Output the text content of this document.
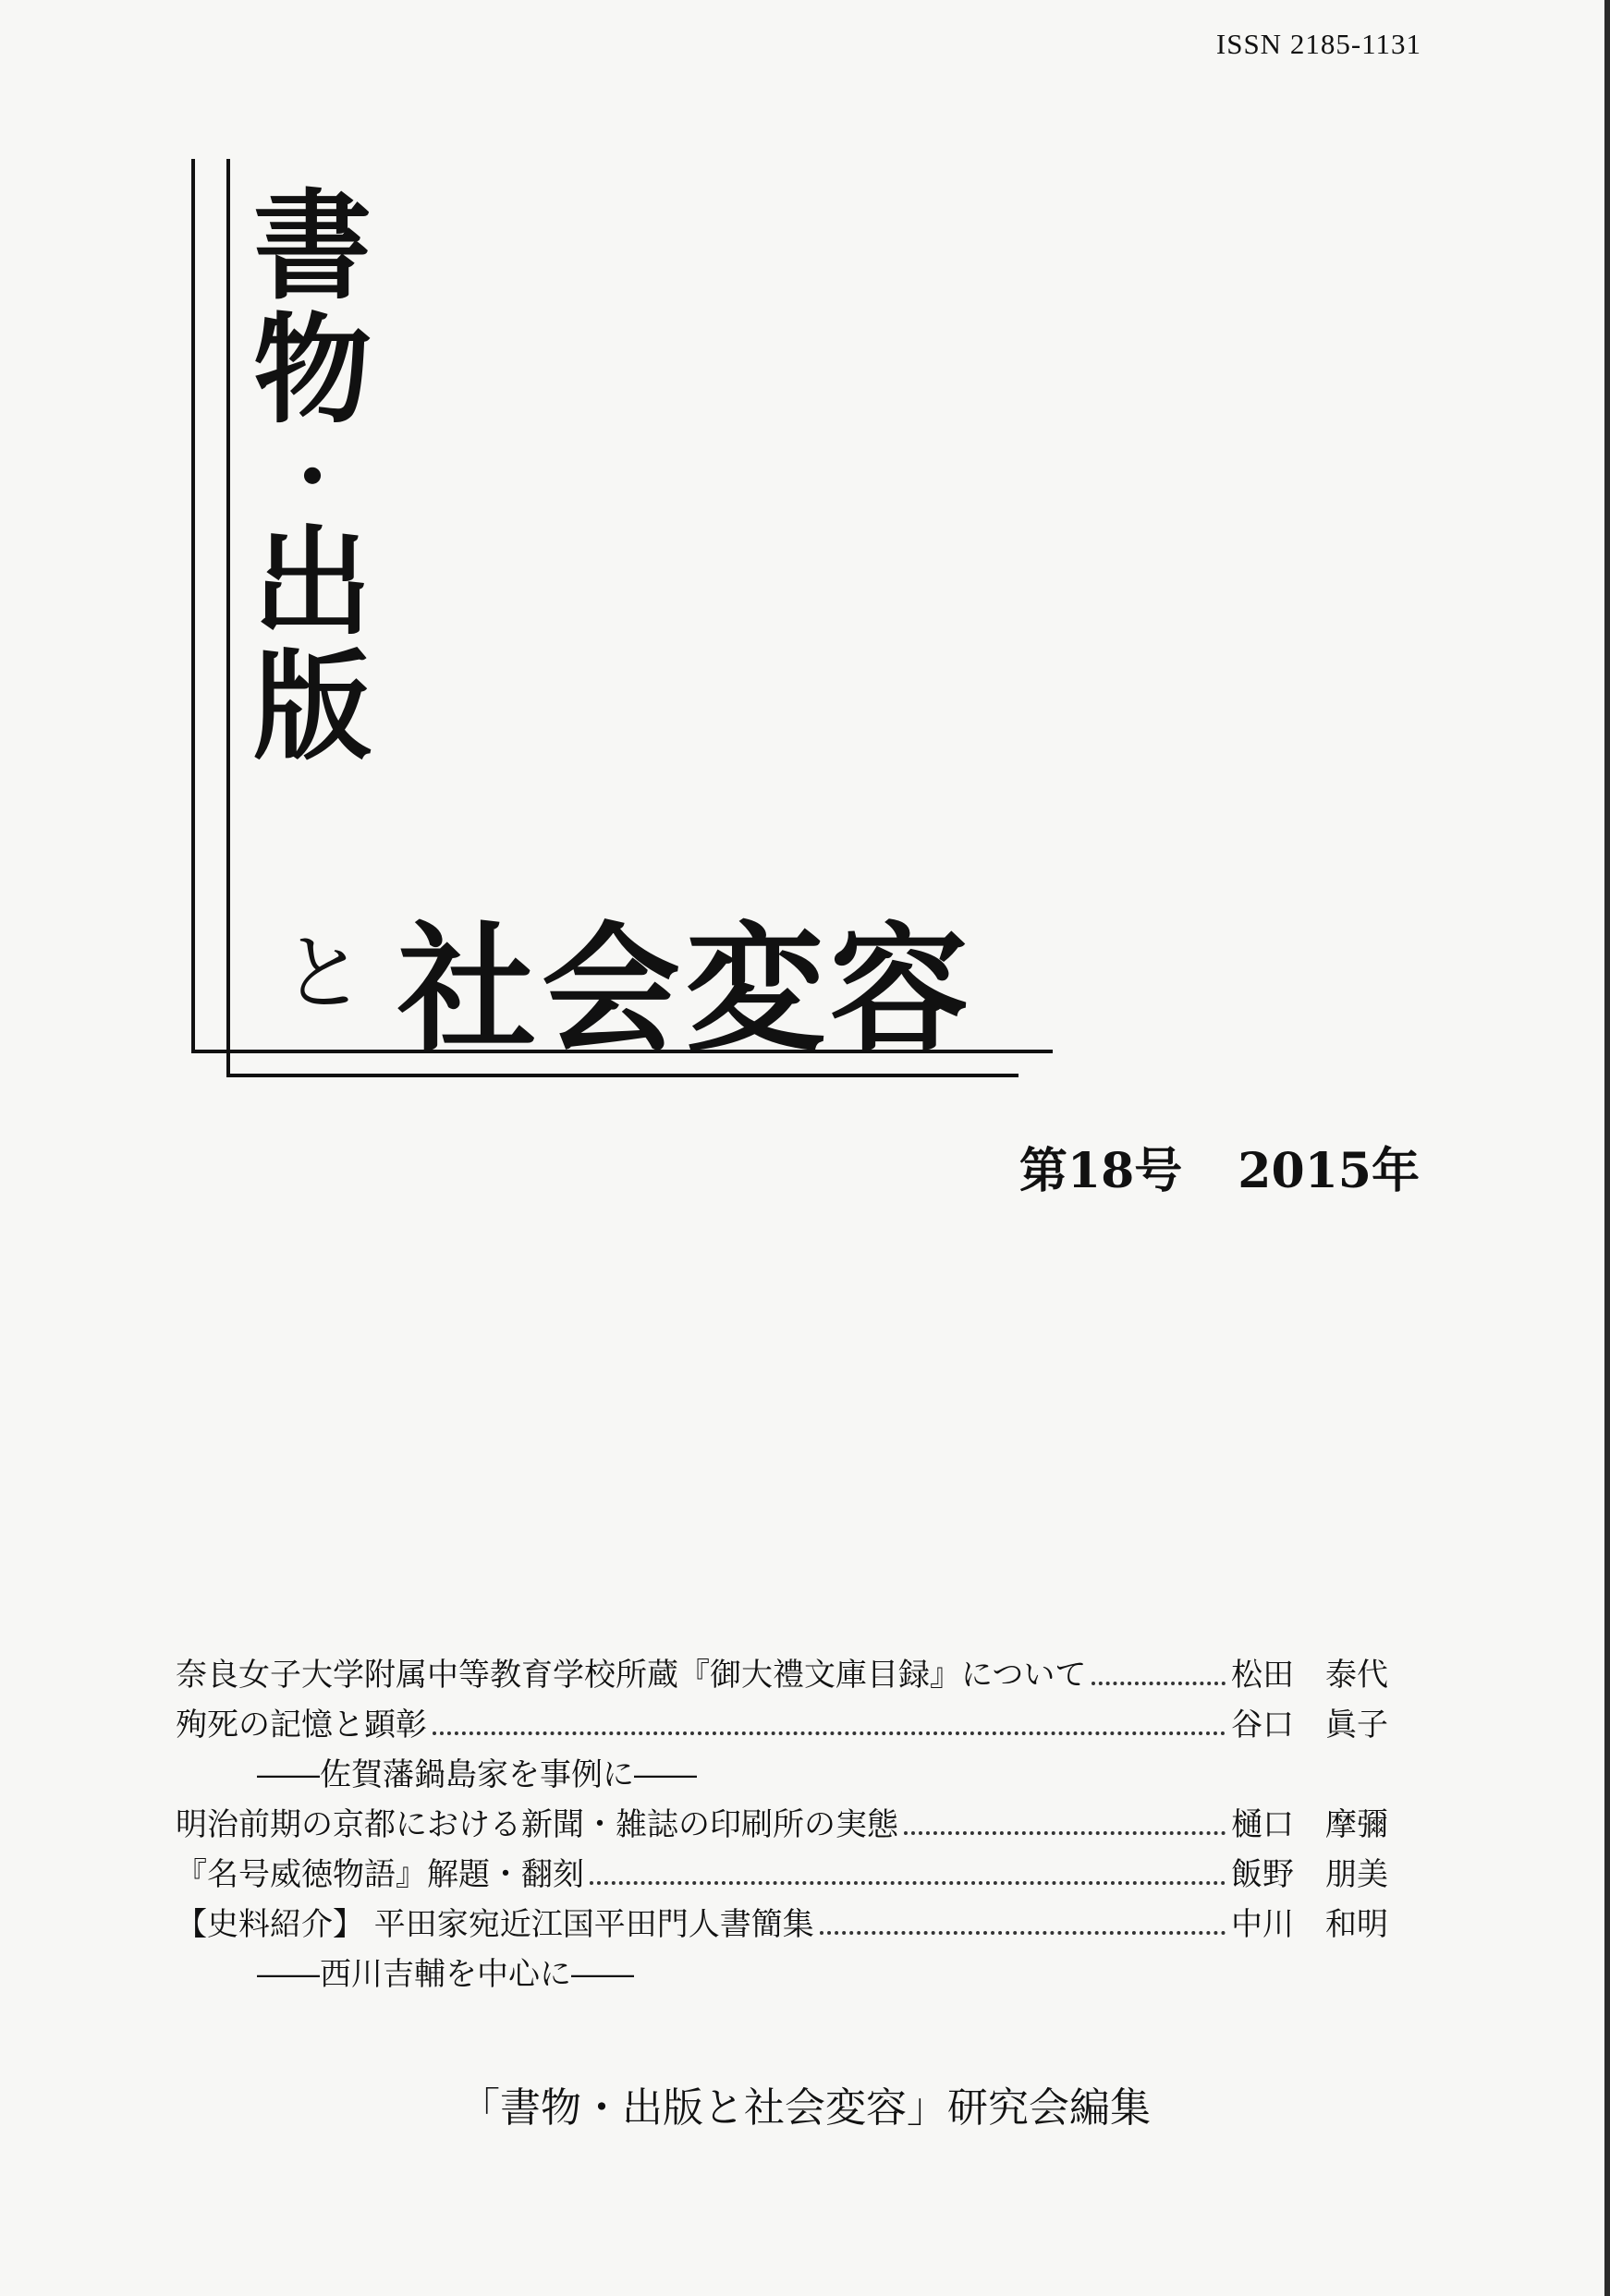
ISSN 2185-1131
書
物
・
出
版
と 社会変容
第18号 2015年
奈良女子大学附属中等教育学校所蔵『御大禮文庫目録』について	松田　泰代
殉死の記憶と顕彰	谷口　眞子
――佐賀藩鍋島家を事例に――
明治前期の京都における新聞・雑誌の印刷所の実態	樋口　摩彌
『名号威徳物語』解題・翻刻	飯野　朋美
【史料紹介】 平田家宛近江国平田門人書簡集	中川　和明
――西川吉輔を中心に――
「書物・出版と社会変容」研究会編集
